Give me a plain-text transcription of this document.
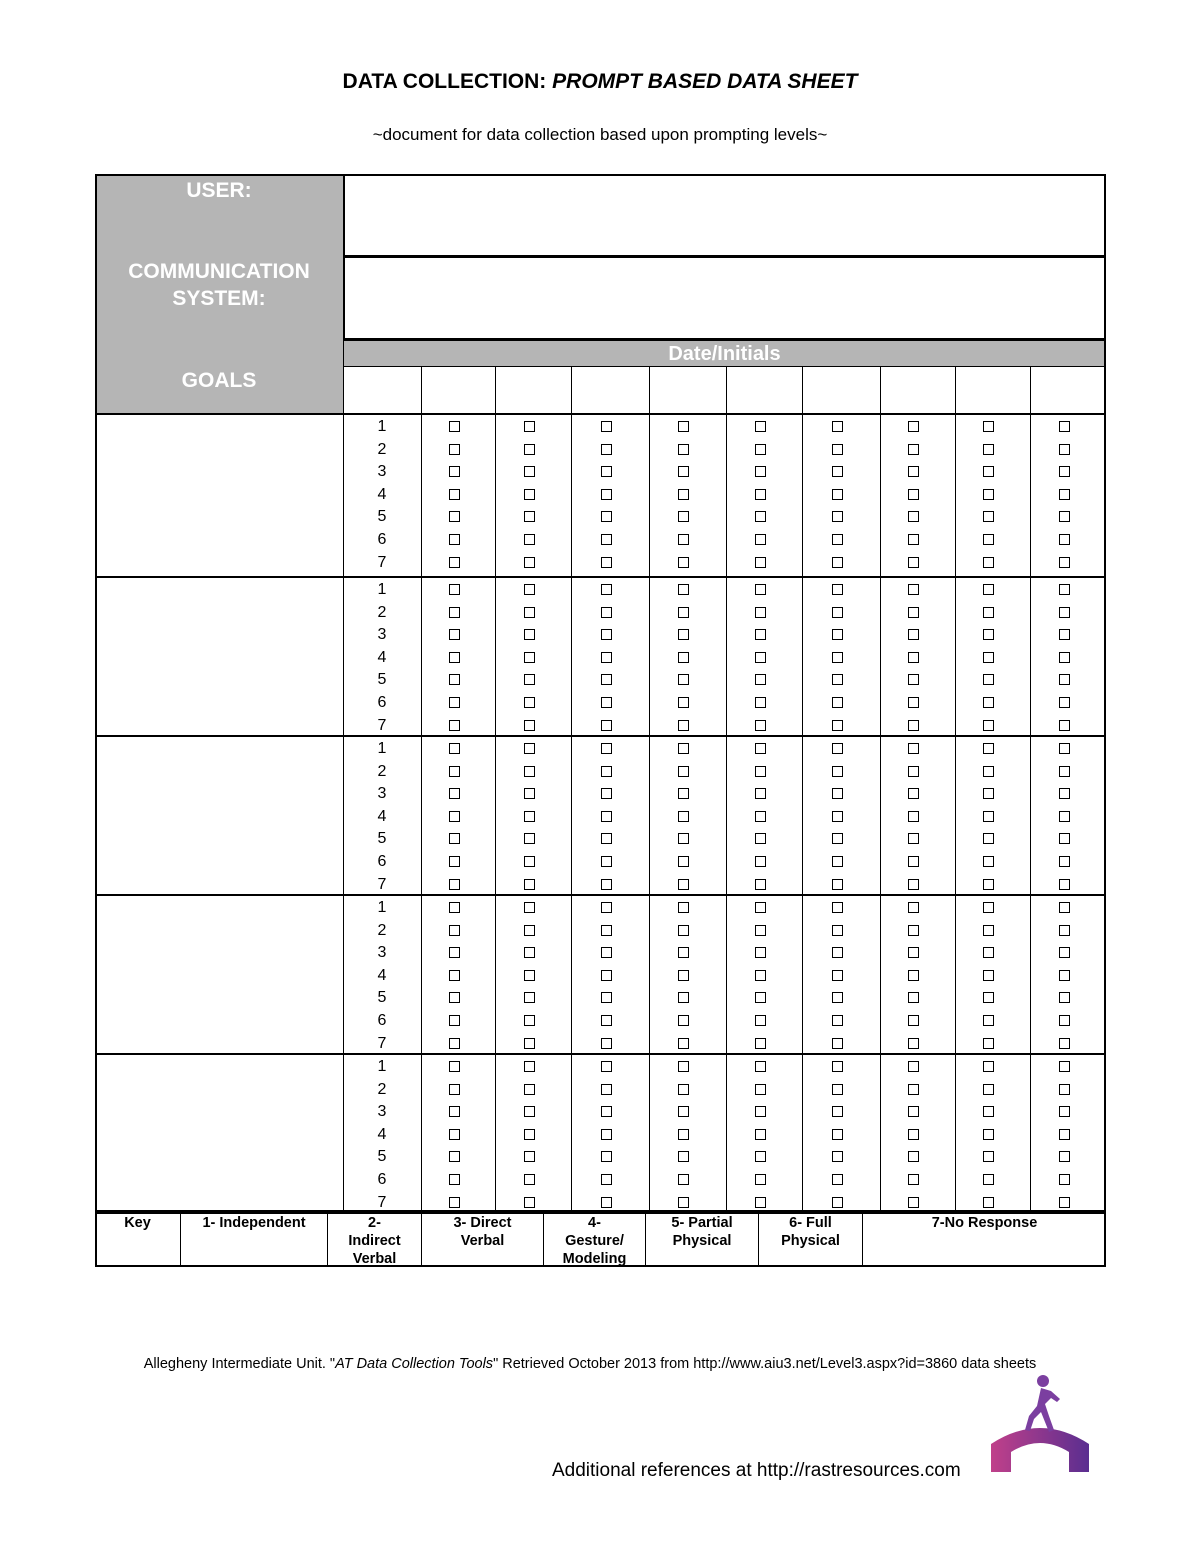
DATA COLLECTION: PROMPT BASED DATA SHEET
~document for data collection based upon prompting levels~
USER:
COMMUNICATION
SYSTEM:
GOALS
Date/Initials
1
2
3
4
5
6
7
1
2
3
4
5
6
7
1
2
3
4
5
6
7
1
2
3
4
5
6
7
1
2
3
4
5
6
7
Key	1- Independent	2-
Indirect
Verbal
3- Direct
Verbal
4-
Gesture/
Modeling
5- Partial
Physical
6- Full
Physical
7-No Response
Allegheny Intermediate Unit. "AT Data Collection Tools" Retrieved October 2013 from http://www.aiu3.net/Level3.aspx?id=3860 data sheets
Additional references at http://rastresources.com
Bridging
